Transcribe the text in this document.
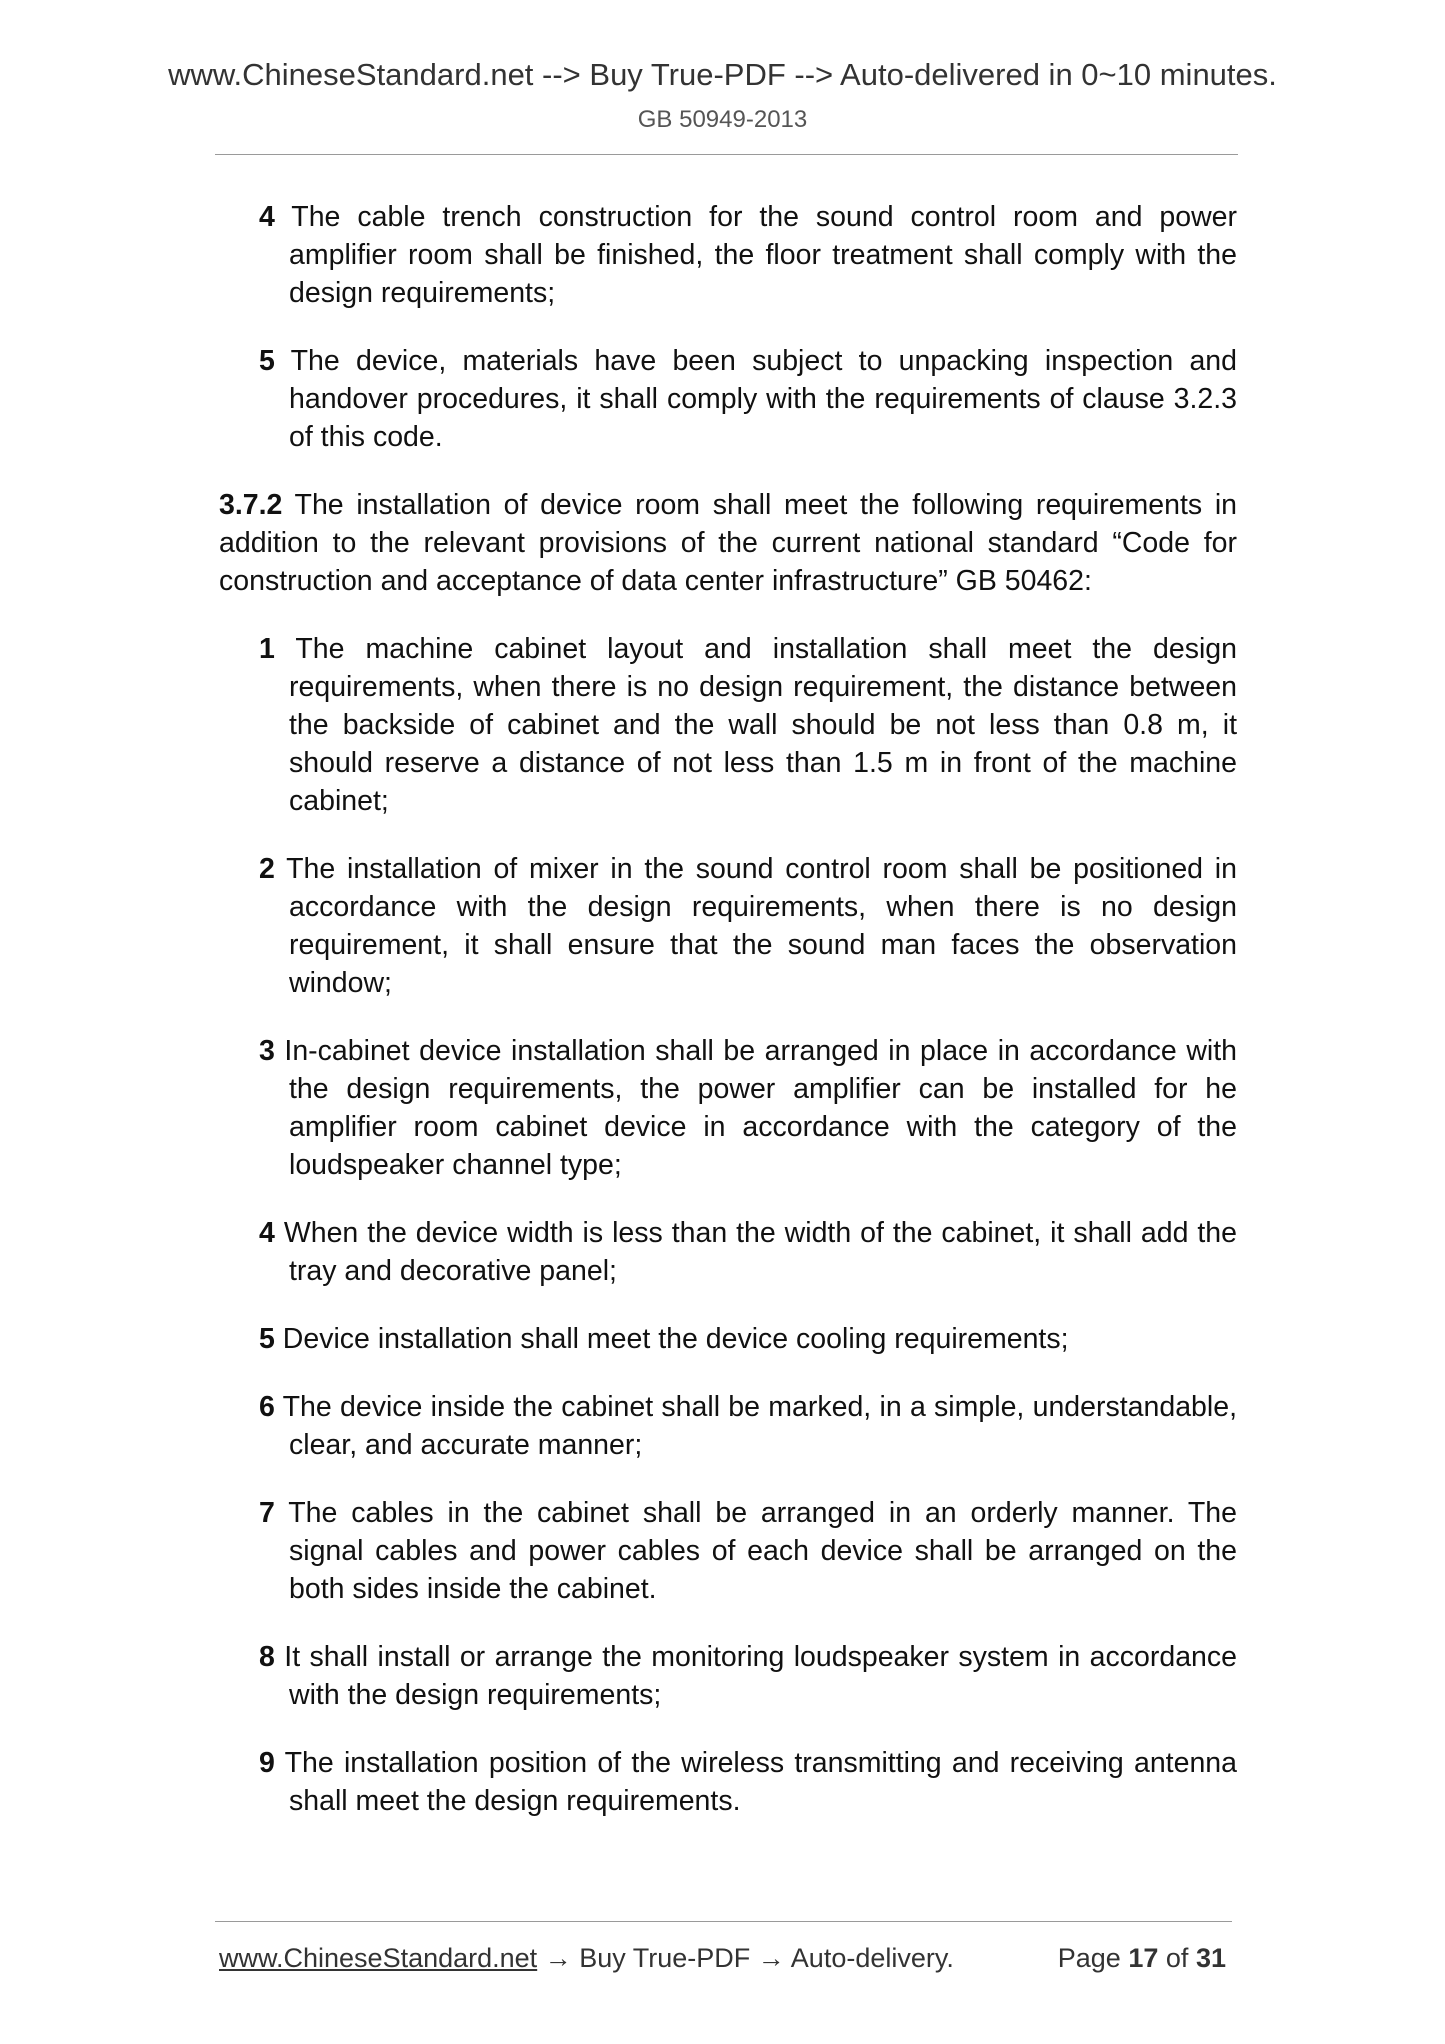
www.ChineseStandard.net --> Buy True-PDF --> Auto-delivered in 0~10 minutes.
GB 50949-2013
4 The cable trench construction for the sound control room and power amplifier room shall be finished, the floor treatment shall comply with the design requirements;
5 The device, materials have been subject to unpacking inspection and handover procedures, it shall comply with the requirements of clause 3.2.3 of this code.
3.7.2 The installation of device room shall meet the following requirements in addition to the relevant provisions of the current national standard “Code for construction and acceptance of data center infrastructure” GB 50462:
1 The machine cabinet layout and installation shall meet the design requirements, when there is no design requirement, the distance between the backside of cabinet and the wall should be not less than 0.8 m, it should reserve a distance of not less than 1.5 m in front of the machine cabinet;
2 The installation of mixer in the sound control room shall be positioned in accordance with the design requirements, when there is no design requirement, it shall ensure that the sound man faces the observation window;
3 In-cabinet device installation shall be arranged in place in accordance with the design requirements, the power amplifier can be installed for he amplifier room cabinet device in accordance with the category of the loudspeaker channel type;
4 When the device width is less than the width of the cabinet, it shall add the tray and decorative panel;
5 Device installation shall meet the device cooling requirements;
6 The device inside the cabinet shall be marked, in a simple, understandable, clear, and accurate manner;
7 The cables in the cabinet shall be arranged in an orderly manner. The signal cables and power cables of each device shall be arranged on the both sides inside the cabinet.
8 It shall install or arrange the monitoring loudspeaker system in accordance with the design requirements;
9 The installation position of the wireless transmitting and receiving antenna shall meet the design requirements.
www.ChineseStandard.net → Buy True-PDF → Auto-delivery.	Page 17 of 31
